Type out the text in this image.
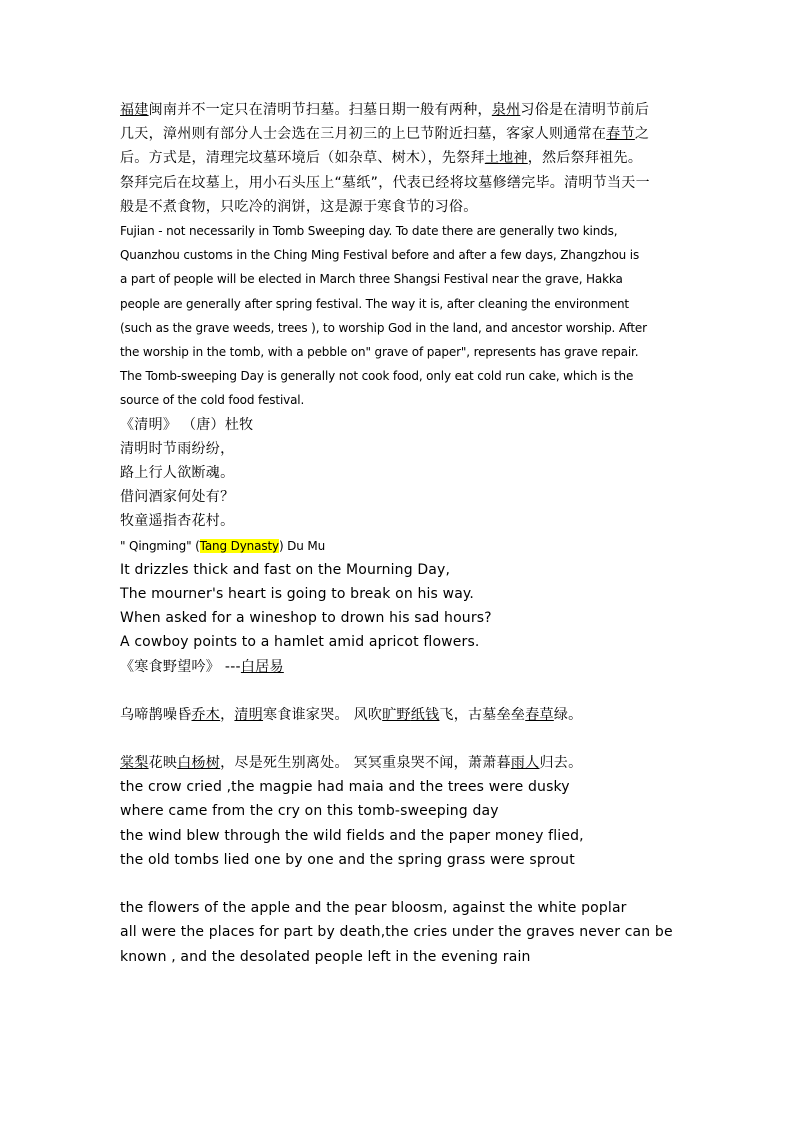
福建闽南并不一定只在清明节扫墓。扫墓日期一般有两种，泉州习俗是在清明节前后

几天，漳州则有部分人士会选在三月初三的上巳节附近扫墓，客家人则通常在春节之

后。方式是，清理完坟墓环境后（如杂草、树木），先祭拜土地神，然后祭拜祖先。

祭拜完后在坟墓上，用小石头压上“墓纸”，代表已经将坟墓修缮完毕。清明节当天一

般是不煮食物，只吃冷的润饼，这是源于寒食节的习俗。

Fujian - not necessarily in Tomb Sweeping day. To date there are generally two kinds,

Quanzhou customs in the Ching Ming Festival before and after a few days, Zhangzhou is

a part of people will be elected in March three Shangsi Festival near the grave, Hakka

people are generally after spring festival. The way it is, after cleaning the environment

(such as the grave weeds, trees ), to worship God in the land, and ancestor worship. After

the worship in the tomb, with a pebble on" grave of paper", represents has grave repair.

The Tomb-sweeping Day is generally not cook food, only eat cold run cake, which is the

source of the cold food festival.

《清明》 （唐）杜牧

清明时节雨纷纷，

路上行人欲断魂。

借问酒家何处有？

牧童遥指杏花村。

" Qingming" (Tang Dynasty) Du Mu

It drizzles thick and fast on the Mourning Day,

The mourner's heart is going to break on his way.

When asked for a wineshop to drown his sad hours?

A cowboy points to a hamlet amid apricot flowers.

《寒食野望吟》 ---白居易

乌啼鹊噪昏乔木，清明寒食谁家哭。 风吹旷野纸钱飞，古墓垒垒春草绿。

棠梨花映白杨树，尽是死生别离处。 冥冥重泉哭不闻，萧萧暮雨人归去。

the crow cried ,the magpie had maia and the trees were dusky

where came from the cry on this tomb-sweeping day

the wind blew through the wild fields and the paper money flied,

the old tombs lied one by one and the spring grass were sprout

the flowers of the apple and the pear bloosm, against the white poplar

all were the places for part by death,the cries under the graves never can be

known , and the desolated people left in the evening rain
